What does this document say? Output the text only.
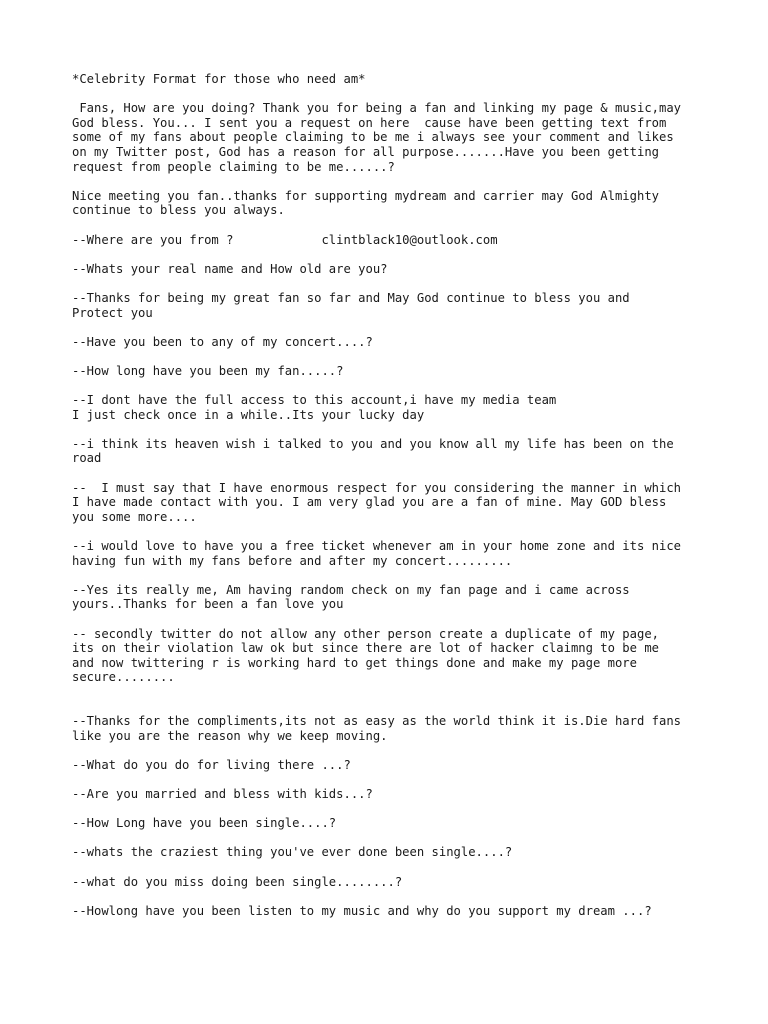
*Celebrity Format for those who need am*

Fans, How are you doing? Thank you for being a fan and linking my page & music,may
God bless. You... I sent you a request on here  cause have been getting text from
some of my fans about people claiming to be me i always see your comment and likes
on my Twitter post, God has a reason for all purpose.......Have you been getting
request from people claiming to be me......?

Nice meeting you fan..thanks for supporting mydream and carrier may God Almighty
continue to bless you always.

--Where are you from ?            clintblack10@outlook.com

--Whats your real name and How old are you?

--Thanks for being my great fan so far and May God continue to bless you and
Protect you

--Have you been to any of my concert....?

--How long have you been my fan.....?

--I dont have the full access to this account,i have my media team
I just check once in a while..Its your lucky day

--i think its heaven wish i talked to you and you know all my life has been on the
road

--  I must say that I have enormous respect for you considering the manner in which
I have made contact with you. I am very glad you are a fan of mine. May GOD bless
you some more....

--i would love to have you a free ticket whenever am in your home zone and its nice
having fun with my fans before and after my concert.........

--Yes its really me, Am having random check on my fan page and i came across
yours..Thanks for been a fan love you

-- secondly twitter do not allow any other person create a duplicate of my page,
its on their violation law ok but since there are lot of hacker claimng to be me
and now twittering r is working hard to get things done and make my page more
secure........

--Thanks for the compliments,its not as easy as the world think it is.Die hard fans
like you are the reason why we keep moving.

--What do you do for living there ...?

--Are you married and bless with kids...?

--How Long have you been single....?

--whats the craziest thing you've ever done been single....?

--what do you miss doing been single........?

--Howlong have you been listen to my music and why do you support my dream ...?
